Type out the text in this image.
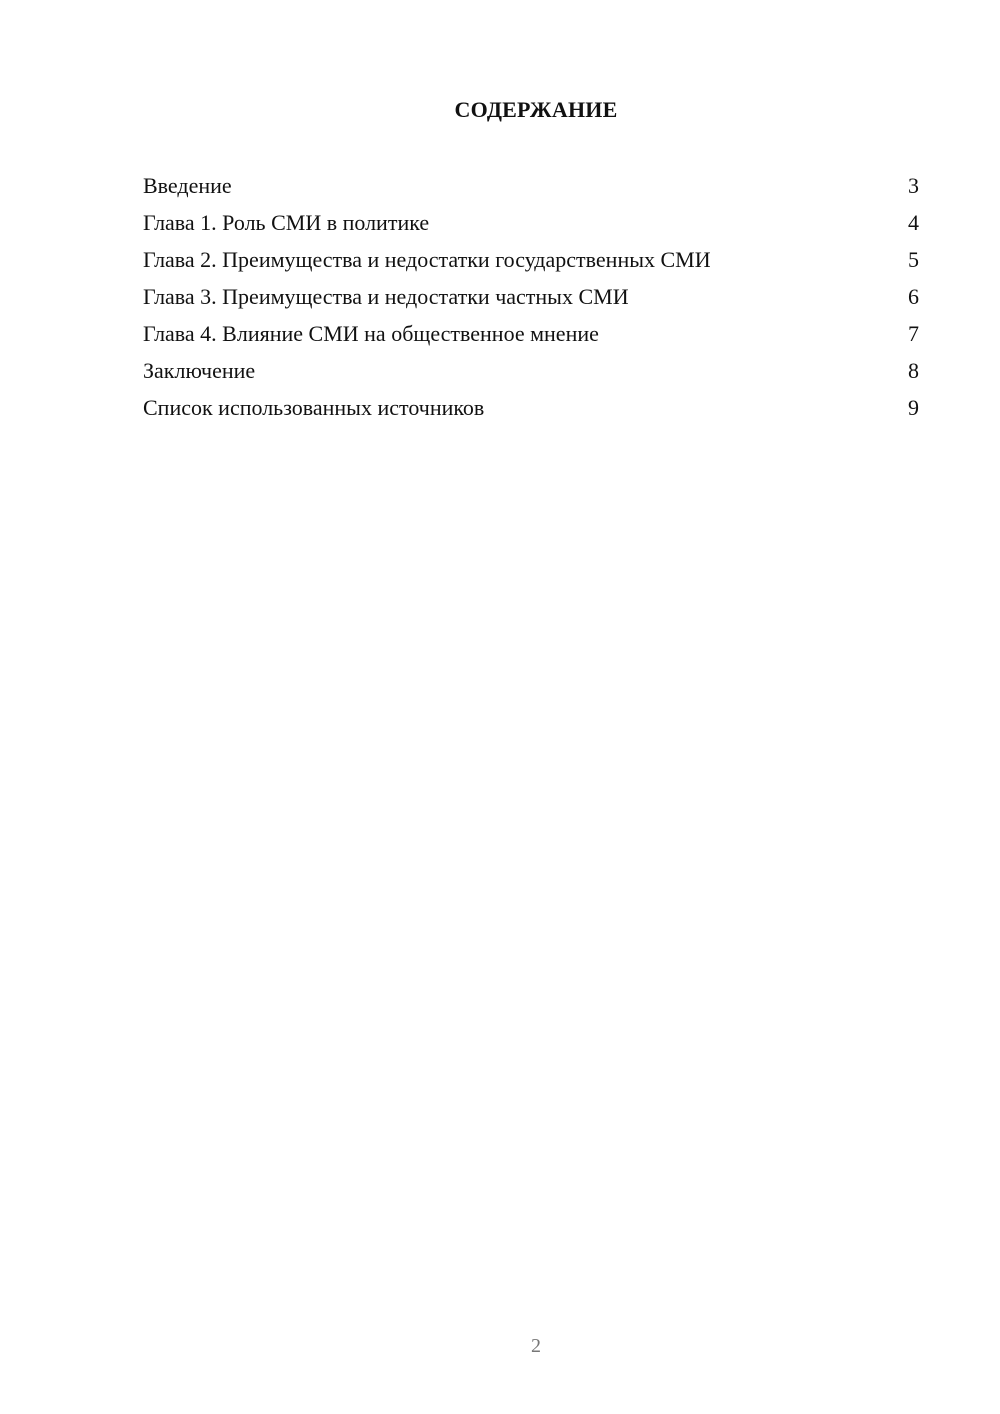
СОДЕРЖАНИЕ
Введение	3
Глава 1. Роль СМИ в политике	4
Глава 2. Преимущества и недостатки государственных СМИ	5
Глава 3. Преимущества и недостатки частных СМИ	6
Глава 4. Влияние СМИ на общественное мнение	7
Заключение	8
Список использованных источников	9
2
